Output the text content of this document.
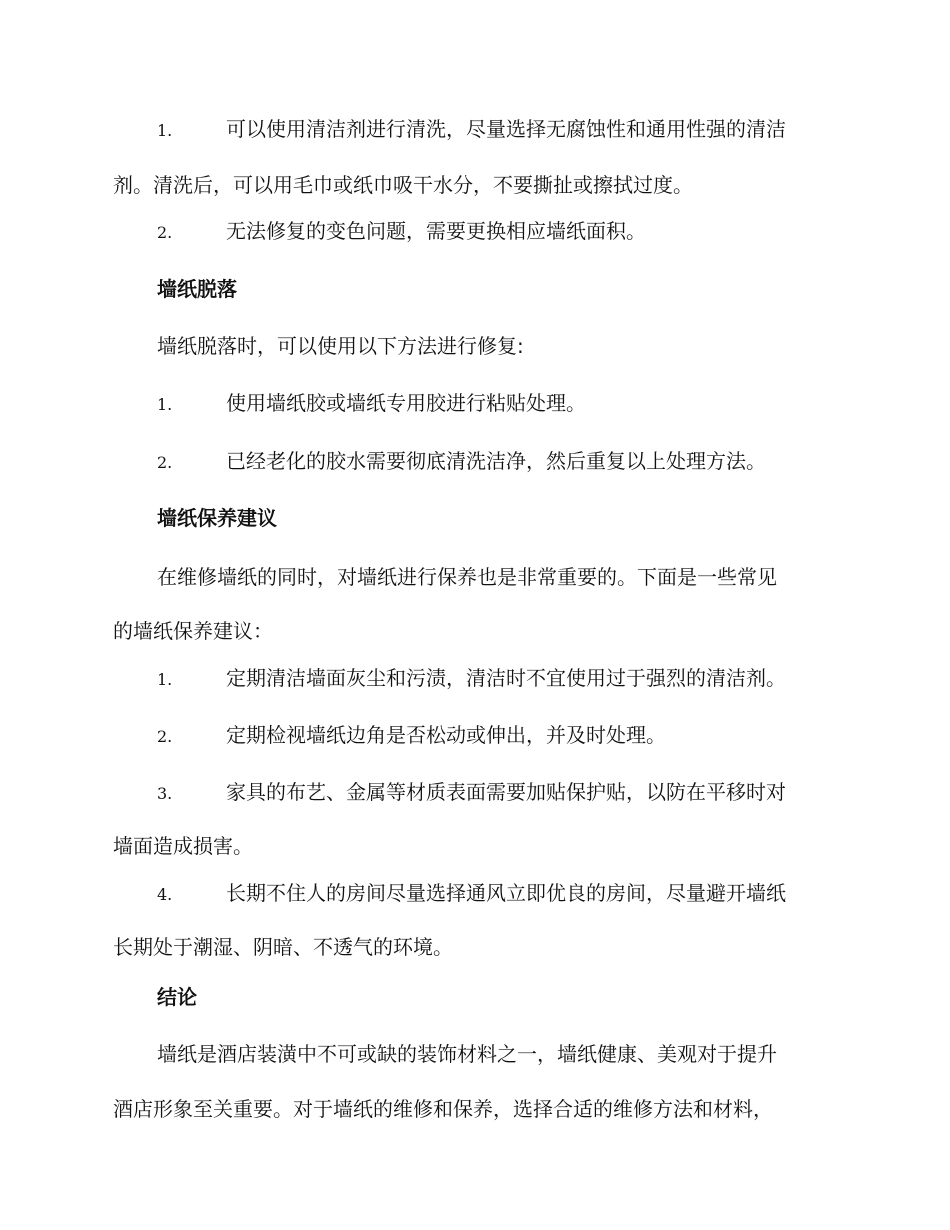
1.	可以使用清洁剂进行清洗，尽量选择无腐蚀性和通用性强的清洁
剂。清洗后，可以用毛巾或纸巾吸干水分，不要撕扯或擦拭过度。
2.	无法修复的变色问题，需要更换相应墙纸面积。
墙纸脱落
墙纸脱落时，可以使用以下方法进行修复:
1.	使用墙纸胶或墙纸专用胶进行粘贴处理。
2.	已经老化的胶水需要彻底清洗洁净，然后重复以上处理方法。
墙纸保养建议
在维修墙纸的同时，对墙纸进行保养也是非常重要的。下面是一些常见
的墙纸保养建议：
1.	定期清洁墙面灰尘和污渍，清洁时不宜使用过于强烈的清洁剂。
2.	定期检视墙纸边角是否松动或伸出，并及时处理。
3.	家具的布艺、金属等材质表面需要加贴保护贴，以防在平移时对
墙面造成损害。
4.	长期不住人的房间尽量选择通风立即优良的房间，尽量避开墙纸
长期处于潮湿、阴暗、不透气的环境。
结论
墙纸是酒店装潢中不可或缺的装饰材料之一，墙纸健康、美观对于提升
酒店形象至关重要。对于墙纸的维修和保养，选择合适的维修方法和材料，
